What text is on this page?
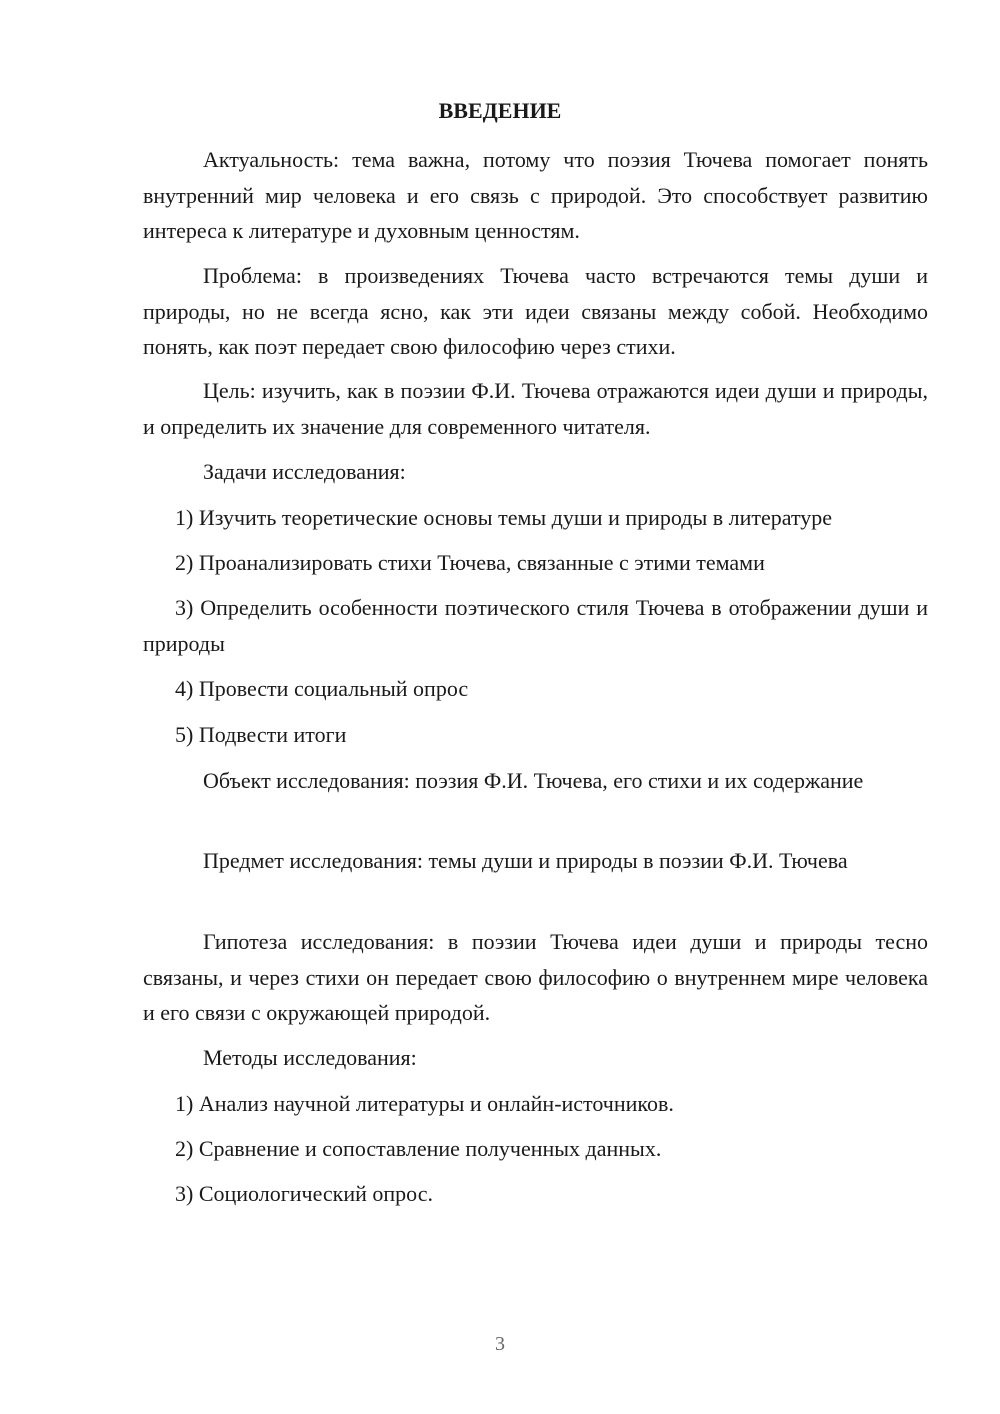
ВВЕДЕНИЕ

Актуальность: тема важна, потому что поэзия Тючева помогает понять внутренний мир человека и его связь с природой. Это способствует развитию интереса к литературе и духовным ценностям.

Проблема: в произведениях Тючева часто встречаются темы души и природы, но не всегда ясно, как эти идеи связаны между собой. Необходимо понять, как поэт передает свою философию через стихи.

Цель: изучить, как в поэзии Ф.И. Тючева отражаются идеи души и природы, и определить их значение для современного читателя.

Задачи исследования:

1) Изучить теоретические основы темы души и природы в литературе

2) Проанализировать стихи Тючева, связанные с этими темами

3) Определить особенности поэтического стиля Тючева в отображении души и природы

4) Провести социальный опрос

5) Подвести итоги

Объект исследования: поэзия Ф.И. Тючева, его стихи и их содержание

Предмет исследования: темы души и природы в поэзии Ф.И. Тючева

Гипотеза исследования: в поэзии Тючева идеи души и природы тесно связаны, и через стихи он передает свою философию о внутреннем мире человека и его связи с окружающей природой.

Методы исследования:

1) Анализ научной литературы и онлайн-источников.

2) Сравнение и сопоставление полученных данных.

3) Социологический опрос.

3
